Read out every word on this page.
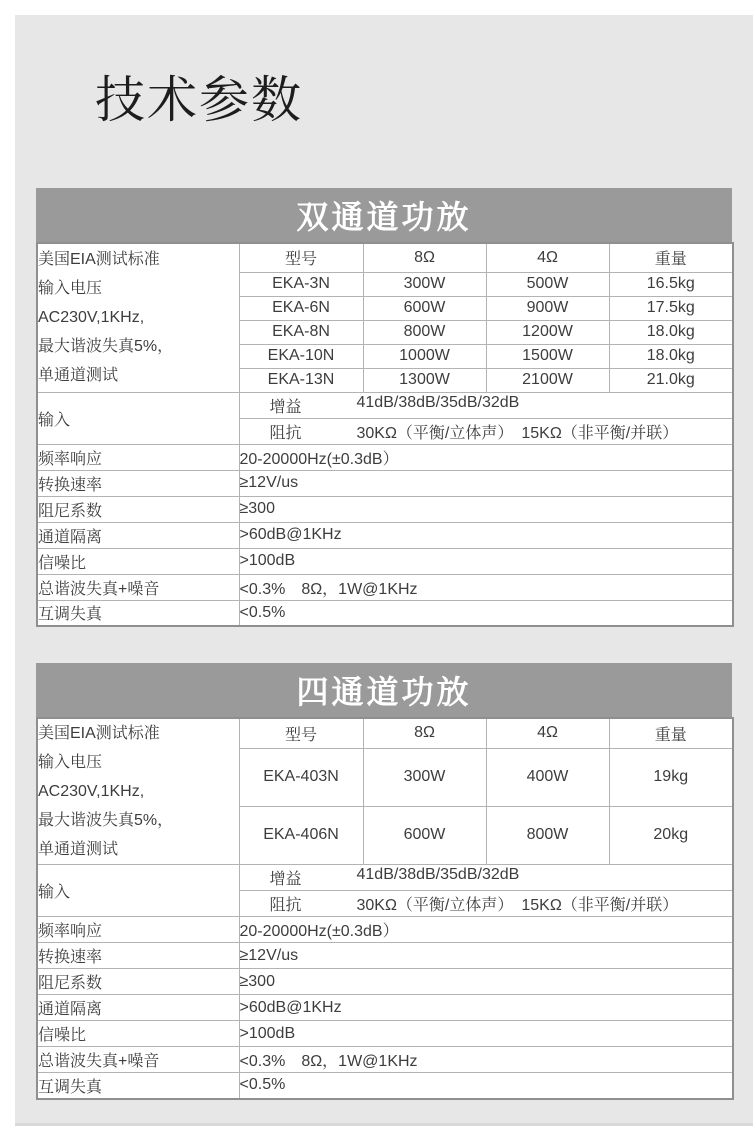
技术参数
双通道功放
美国EIA测试标准
输入电压
AC230V,1KHz,
最大谐波失真5%，
单通道测试	型号	8Ω	4Ω	重量
	EKA-3N	300W	500W	16.5kg
	EKA-6N	600W	900W	17.5kg
	EKA-8N	800W	1200W	18.0kg
	EKA-10N	1000W	1500W	18.0kg
	EKA-13N	1300W	2100W	21.0kg
输入	增益 41dB/38dB/35dB/32dB			

	阻抗 30KΩ（平衡/立体声）　15KΩ（非平衡/并联）			

频率响应	20-20000Hz(±0.3dB）			
转换速率	≥12V/us			
阻尼系数	≥300			
通道隔离	>60dB@1KHz			
信噪比	>100dB			
总谐波失真+噪音	<0.3%　8Ω，1W@1KHz			
互调失真	<0.5%			
四通道功放
美国EIA测试标准
输入电压
AC230V,1KHz,
最大谐波失真5%，
单通道测试	型号	8Ω	4Ω	重量
	EKA-403N	300W	400W	19kg
	EKA-406N	600W	800W	20kg
输入	增益 41dB/38dB/35dB/32dB			

	阻抗 30KΩ（平衡/立体声）　15KΩ（非平衡/并联）			

频率响应	20-20000Hz(±0.3dB）			
转换速率	≥12V/us			
阻尼系数	≥300			
通道隔离	>60dB@1KHz			
信噪比	>100dB			
总谐波失真+噪音	<0.3%　8Ω，1W@1KHz			
互调失真	<0.5%			
